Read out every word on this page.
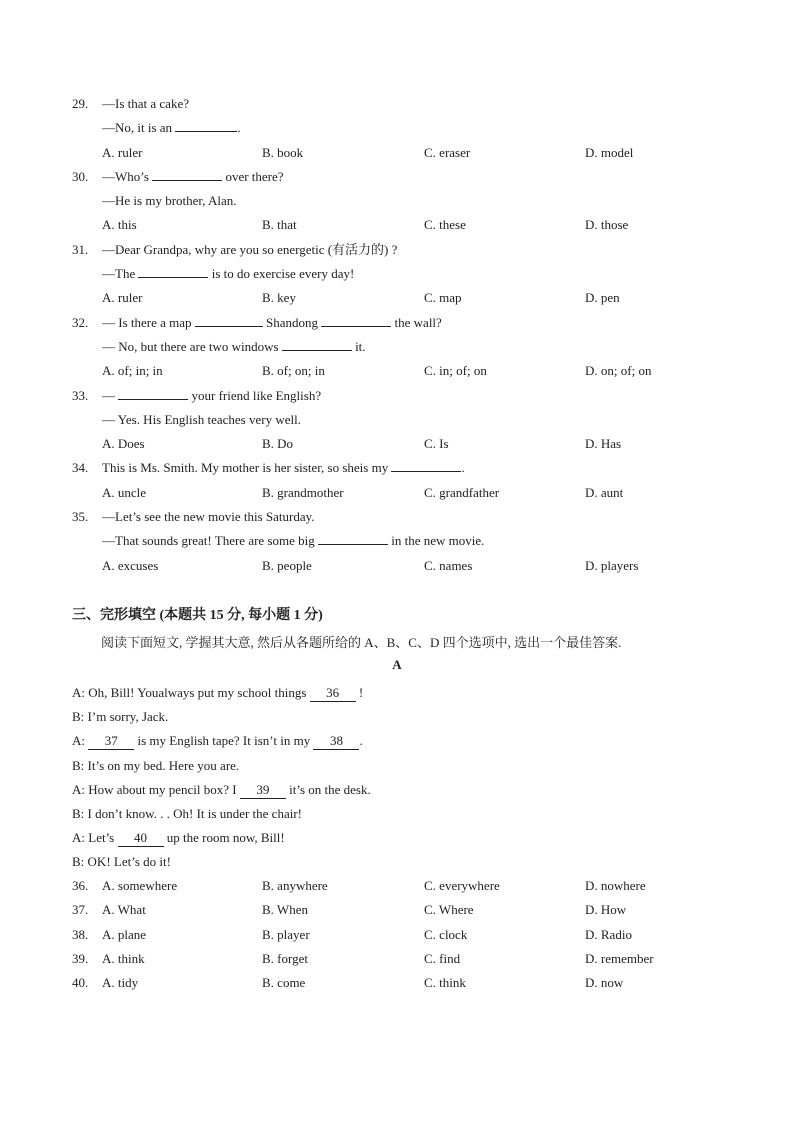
29. —Is that a cake?
—No, it is an	.
A. ruler	B. book	C. eraser	D. model
30. —Who’s	over there?
—He is my brother, Alan.
A. this	B. that	C. these	D. those
31. —Dear Grandpa, why are you so energetic (有活力的) ?
—The	is to do exercise every day!
A. ruler	B. key	C. map	D. pen
32. — Is there a map	Shandong	the wall?
— No, but there are two windows	it.
A. of; in; in	B. of; on; in	C. in; of; on	D. on; of; on
33. —	your friend like English?
— Yes. His English teaches very well.
A. Does	B. Do	C. Is	D. Has
34. This is Ms. Smith. My mother is her sister, so sheis my	.
A. uncle	B. grandmother	C. grandfather	D. aunt
35. —Let’s see the new movie this Saturday.
—That sounds great! There are some big	in the new movie.
A. excuses	B. people	C. names	D. players
三、完形填空 (本题共 15 分, 每小题 1 分)
阅读下面短文, 学握其大意, 然后从各题所给的 A、B、C、D 四个选项中, 选出一个最佳答案.
A
A: Oh, Bill! Youalways put my school things 36 !
B: I’m sorry, Jack.
A: 37 is my English tape? It isn’t in my 38 .
B: It’s on my bed. Here you are.
A: How about my pencil box? I 39 it’s on the desk.
B: I don’t know. . . Oh! It is under the chair!
A: Let’s 40 up the room now, Bill!
B: OK! Let’s do it!
36. A. somewhere	B. anywhere	C. everywhere	D. nowhere
37. A. What	B. When	C. Where	D. How
38. A. plane	B. player	C. clock	D. Radio
39. A. think	B. forget	C. find	D. remember
40. A. tidy	B. come	C. think	D. now
